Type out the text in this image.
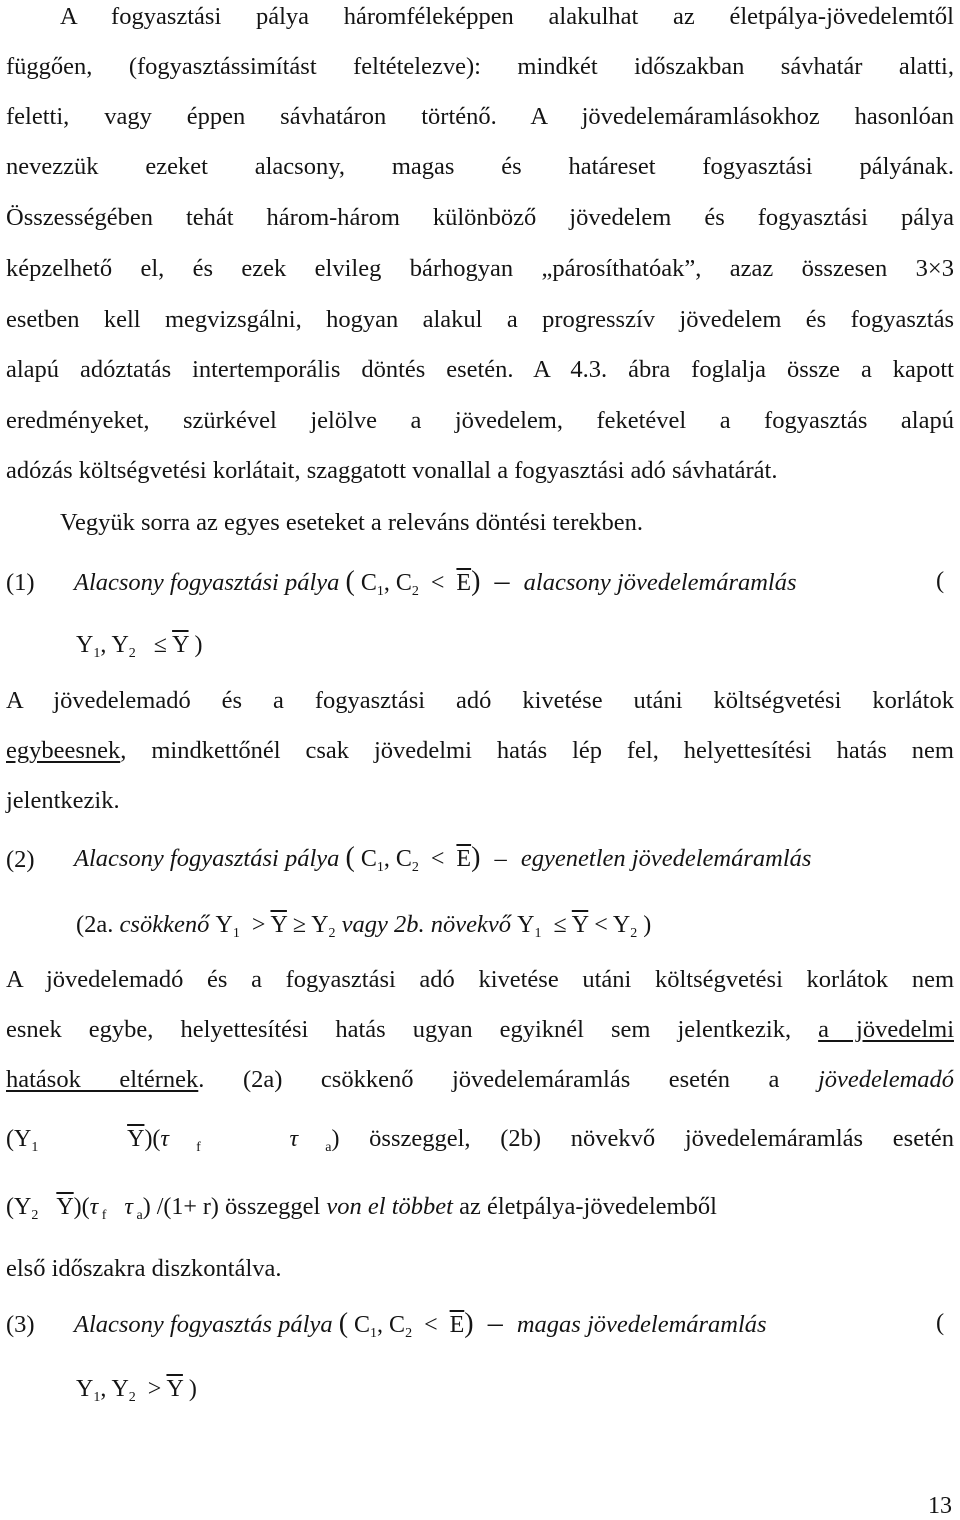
A fogyasztási pálya háromféleképpen alakulhat az életpálya-jövedelemtől
függően, (fogyasztássimítást feltételezve): mindkét időszakban sávhatár alatti,
feletti, vagy éppen sávhatáron történő. A jövedelemáramlásokhoz hasonlóan
nevezzük ezeket alacsony, magas és határeset fogyasztási pályának.
Összességében tehát három-három különböző jövedelem és fogyasztási pálya
képzelhető el, és ezek elvileg bárhogyan „párosíthatóak”, azaz összesen 3×3
esetben kell megvizsgálni, hogyan alakul a progresszív jövedelem és fogyasztás
alapú adóztatás intertemporális döntés esetén. A 4.3. ábra foglalja össze a kapott
eredményeket, szürkével jelölve a jövedelem, feketével a fogyasztás alapú
adózás költségvetési korlátait, szaggatott vonallal a fogyasztási adó sávhatárát.
Vegyük sorra az egyes eseteket a releváns döntési terekben.
(1) Alacsony fogyasztási pálya ( $C_1$, $C_2 < \overline{E}$) – alacsony jövedelemáramlás	(
$Y_1$, $Y_2 \le \overline{Y}$ )
A jövedelemadó és a fogyasztási adó kivetése utáni költségvetési korlátok
egybeesnek, mindkettőnél csak jövedelmi hatás lép fel, helyettesítési hatás nem
jelentkezik.
(2) Alacsony fogyasztási pálya ( $C_1$, $C_2 < \overline{E}$) – egyenetlen jövedelemáramlás
(2a. csökkenő $Y_1 > \overline{Y} \ge Y_2$ vagy 2b. növekvő $Y_1 \le \overline{Y} < Y_2$ )
A jövedelemadó és a fogyasztási adó kivetése utáni költségvetési korlátok nem
esnek egybe, helyettesítési hatás ugyan egyiknél sem jelentkezik, a jövedelmi
hatások eltérnek. (2a) csökkenő jövedelemáramlás esetén a jövedelemadó
($Y_1$	$\overline{Y})(\tau$ $_f$	τ $_a$) összeggel, (2b) növekvő jövedelemáramlás esetén
($Y_2$ $\overline{Y})(\tau$ $_f$ τ $_a$) /(1+ r) összeggel von el többet az életpálya-jövedelemből
első időszakra diszkontálva.
(3) Alacsony fogyasztás pálya ( $C_1$, $C_2 < \overline{E}$) – magas jövedelemáramlás	(
$Y_1$, $Y_2 > \overline{Y}$ )
13
